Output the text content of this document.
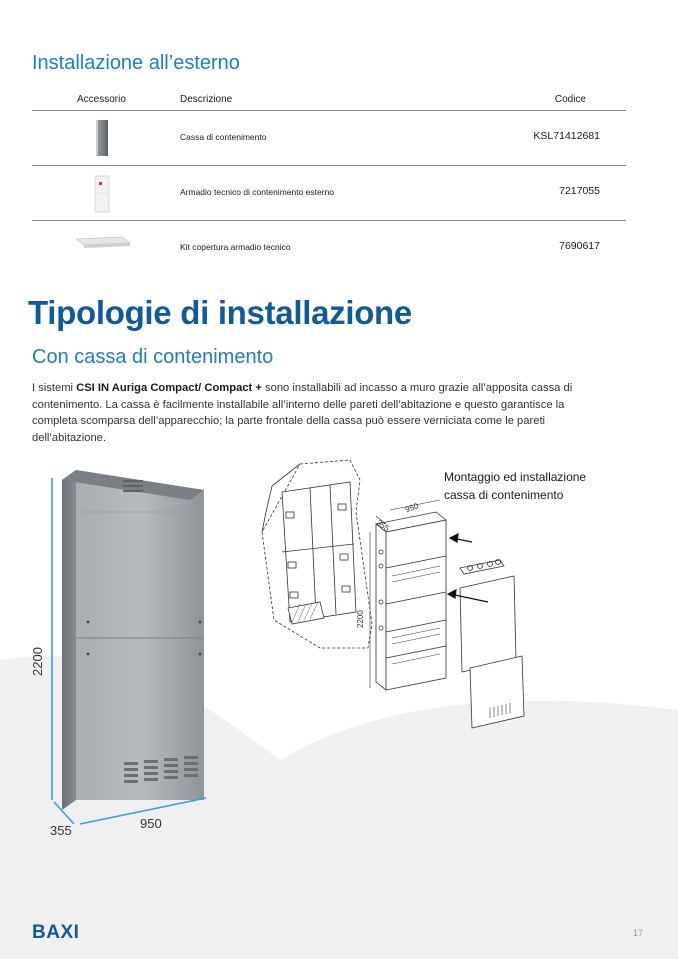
Installazione all’esterno
Accessorio	Descrizione	Codice
Cassa di contenimento	KSL71412681
Armadio tecnico di contenimento esterno	7217055
Kit copertura armadio tecnico	7690617
Tipologie di installazione
Con cassa di contenimento
I sistemi CSI IN Auriga Compact/ Compact + sono installabili ad incasso a muro grazie all’apposita cassa di contenimento. La cassa è facilmente installabile all’interno delle pareti dell’abitazione e questo garantisce la completa scomparsa dell’apparecchio; la parte frontale della cassa può essere verniciata come le pareti dell’abitazione.
2200
355	950
Montaggio ed installazione
cassa di contenimento
2200
355
950
BAXI	17
